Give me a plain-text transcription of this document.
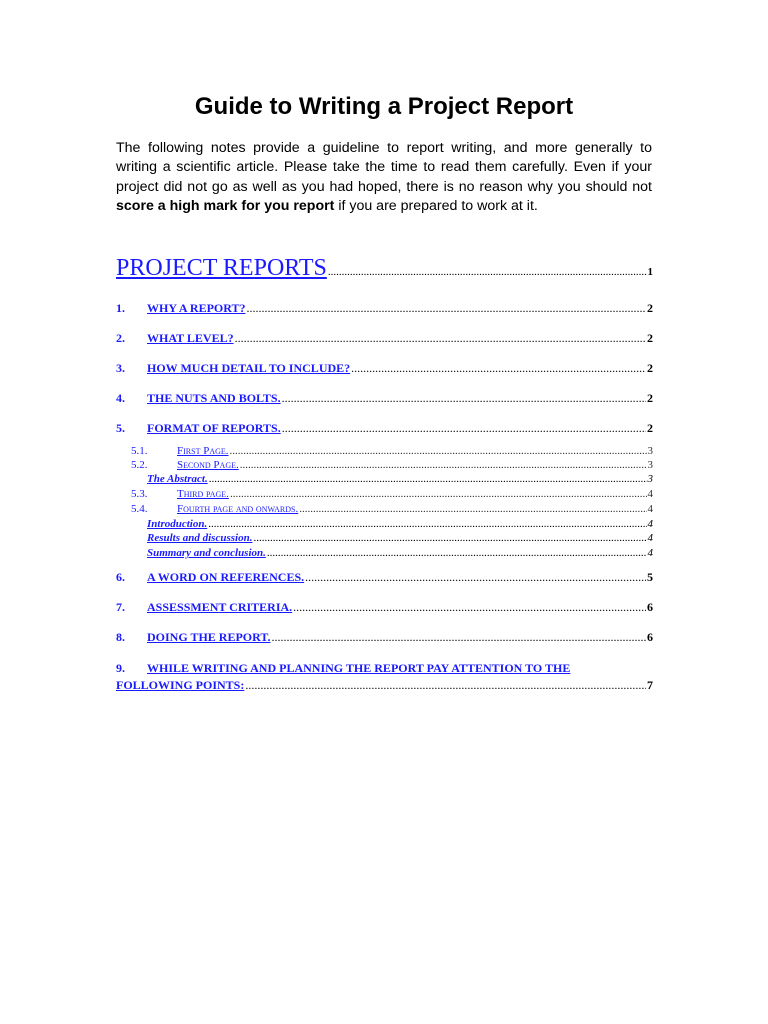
Guide to Writing a Project Report
The following notes provide a guideline to report writing, and more generally to writing a scientific article. Please take the time to read them carefully. Even if your project did not go as well as you had hoped, there is no reason why you should not score a high mark for you report if you are prepared to work at it.
PROJECT REPORTS .....	1
1. WHY A REPORT? .....	2
2. WHAT LEVEL? .....	2
3. HOW MUCH DETAIL TO INCLUDE? .....	2
4. THE NUTS AND BOLTS. .....	2
5. FORMAT OF REPORTS. .....	2
5.1.	First Page. .....	3
5.2.	Second Page. .....	3
The Abstract. .....	3
5.3.	Third page. .....	4
5.4.	Fourth page and onwards. .....	4
Introduction. .....	4
Results and discussion. .....	4
Summary and conclusion. .....	4
6. A WORD ON REFERENCES. .....	5
7. ASSESSMENT CRITERIA. .....	6
8. DOING THE REPORT. .....	6
9. WHILE WRITING AND PLANNING THE REPORT PAY ATTENTION TO THE
FOLLOWING POINTS: .....	7
